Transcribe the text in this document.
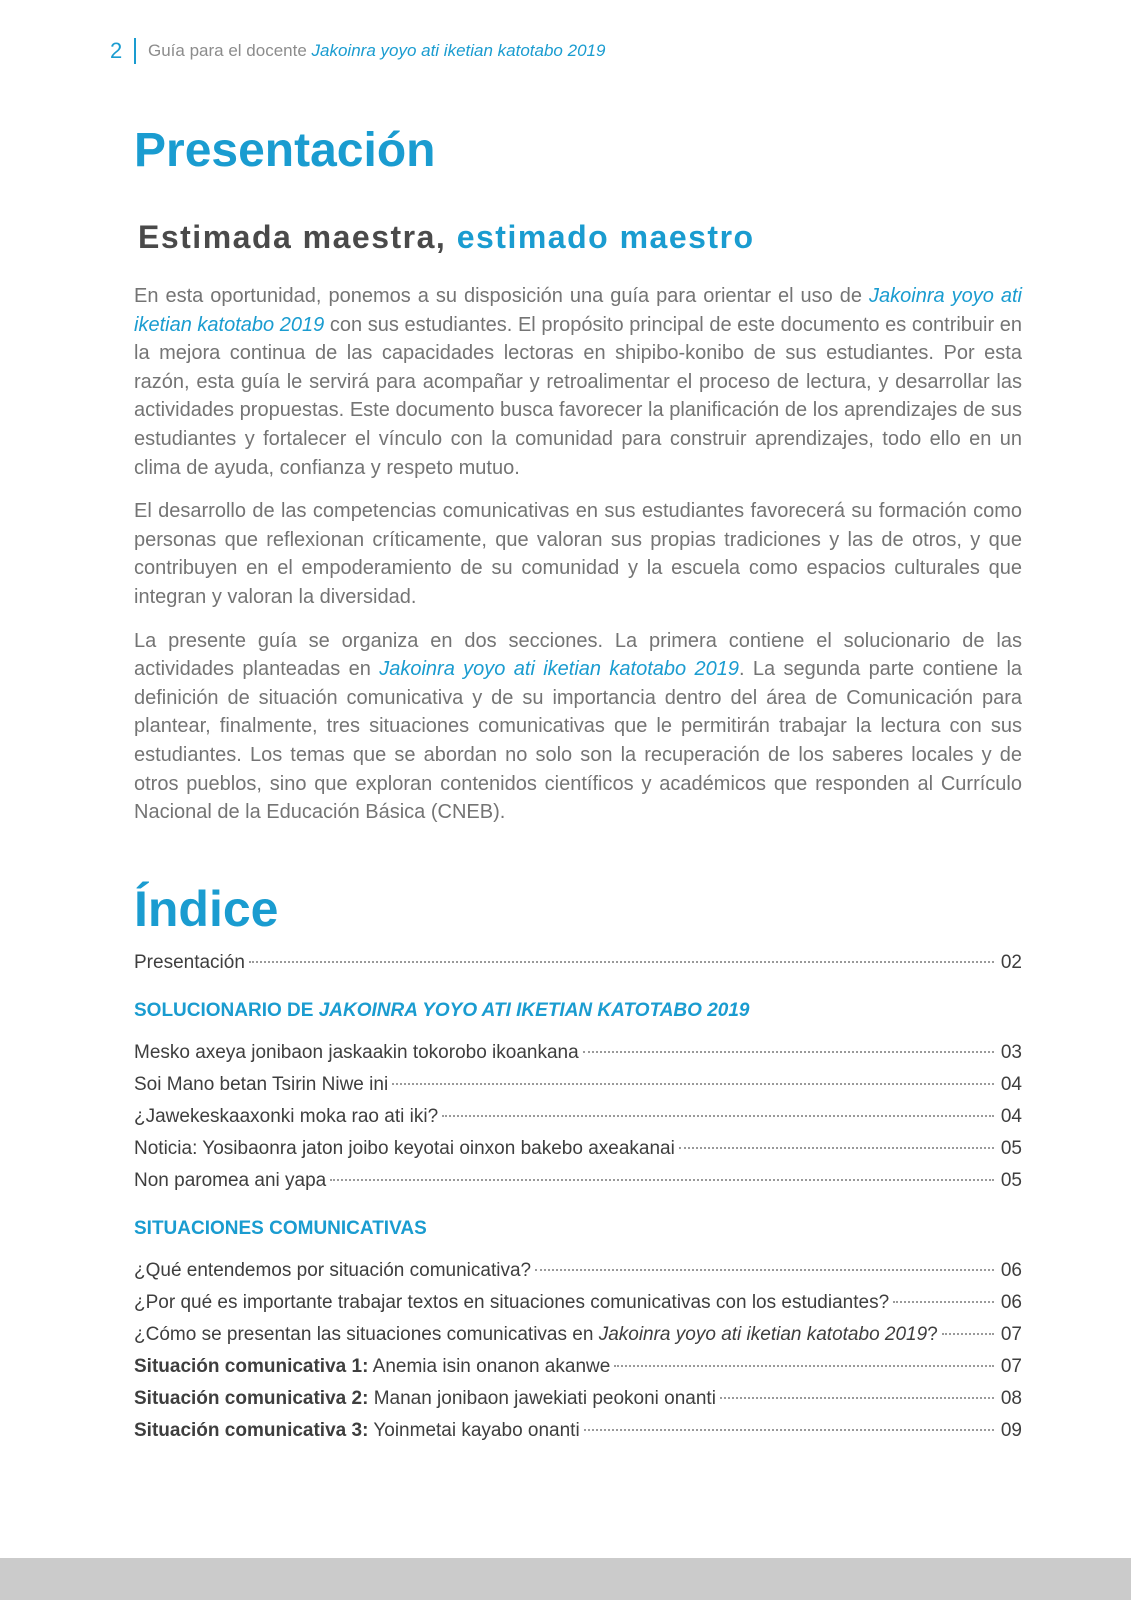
2	Guía para el docente Jakoinra yoyo ati iketian katotabo 2019
Presentación
Estimada maestra, estimado maestro

En esta oportunidad, ponemos a su disposición una guía para orientar el uso de Jakoinra yoyo ati iketian katotabo 2019 con sus estudiantes. El propósito principal de este documento es contribuir en la mejora continua de las capacidades lectoras en shipibo-konibo de sus estudiantes. Por esta razón, esta guía le servirá para acompañar y retroalimentar el proceso de lectura, y desarrollar las actividades propuestas. Este documento busca favorecer la planificación de los aprendizajes de sus estudiantes y fortalecer el vínculo con la comunidad para construir aprendizajes, todo ello en un clima de ayuda, confianza y respeto mutuo.

El desarrollo de las competencias comunicativas en sus estudiantes favorecerá su formación como personas que reflexionan críticamente, que valoran sus propias tradiciones y las de otros, y que contribuyen en el empoderamiento de su comunidad y la escuela como espacios culturales que integran y valoran la diversidad.

La presente guía se organiza en dos secciones. La primera contiene el solucionario de las actividades planteadas en Jakoinra yoyo ati iketian katotabo 2019. La segunda parte contiene la definición de situación comunicativa y de su importancia dentro del área de Comunicación para plantear, finalmente, tres situaciones comunicativas que le permitirán trabajar la lectura con sus estudiantes. Los temas que se abordan no solo son la recuperación de los saberes locales y de otros pueblos, sino que exploran contenidos científicos y académicos que responden al Currículo Nacional de la Educación Básica (CNEB).

Índice
Presentación	02
SOLUCIONARIO DE JAKOINRA YOYO ATI IKETIAN KATOTABO 2019
Mesko axeya jonibaon jaskaakin tokorobo ikoankana	03
Soi Mano betan Tsirin Niwe ini	04
¿Jawekeskaaxonki moka rao ati iki?	04
Noticia: Yosibaonra jaton joibo keyotai oinxon bakebo axeakanai	05
Non paromea ani yapa	05
SITUACIONES COMUNICATIVAS
¿Qué entendemos por situación comunicativa?	06
¿Por qué es importante trabajar textos en situaciones comunicativas con los estudiantes?	06
¿Cómo se presentan las situaciones comunicativas en Jakoinra yoyo ati iketian katotabo 2019?	07
Situación comunicativa 1: Anemia isin onanon akanwe	07
Situación comunicativa 2: Manan jonibaon jawekiati peokoni onanti	08
Situación comunicativa 3: Yoinmetai kayabo onanti	09
